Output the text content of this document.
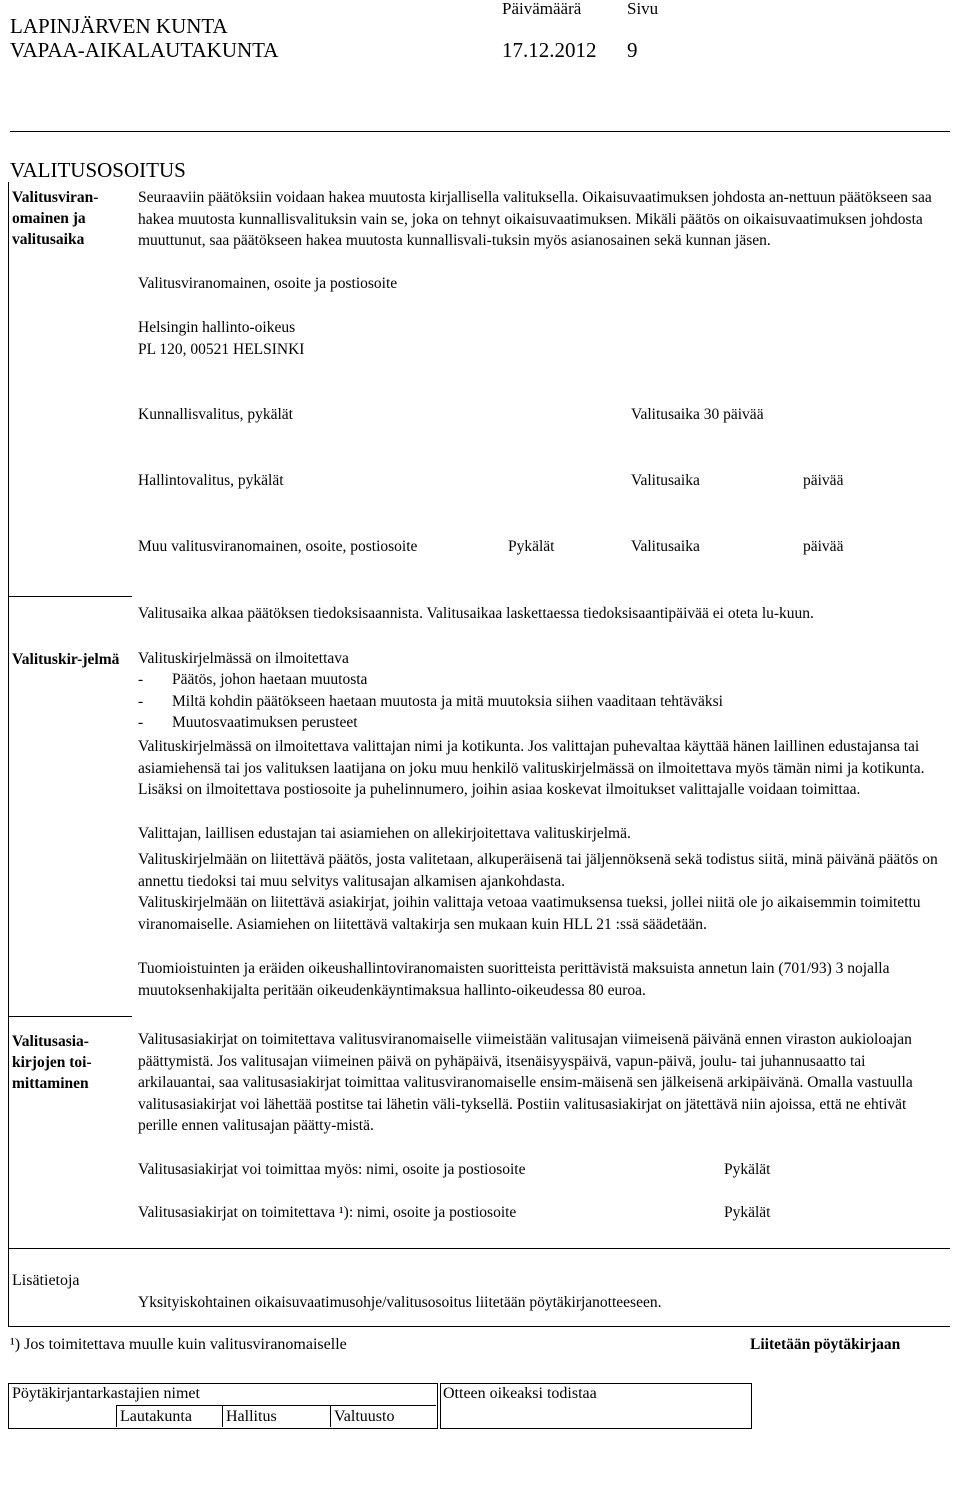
LAPINJÄRVEN KUNTA
VAPAA-AIKALAUTAKUNTA
Päivämäärä	Sivu
17.12.2012 9
VALITUSOSOITUS
Valitusviran-omainen ja valitusaika
Seuraaviin päätöksiin voidaan hakea muutosta kirjallisella valituksella. Oikaisuvaatimuksen johdosta an-nettuun päätökseen saa hakea muutosta kunnallisvalituksin vain se, joka on tehnyt oikaisuvaatimuksen. Mikäli päätös on oikaisuvaatimuksen johdosta muuttunut, saa päätökseen hakea muutosta kunnallisvali-tuksin myös asianosainen sekä kunnan jäsen.
Valitusviranomainen, osoite ja postiosoite
Helsingin hallinto-oikeus
PL 120, 00521 HELSINKI
Kunnallisvalitus, pykälät	Valitusaika 30 päivää
Hallintovalitus, pykälät	Valitusaika	päivää
Muu valitusviranomainen, osoite, postiosoite	Pykälät	Valitusaika	päivää
Valitusaika alkaa päätöksen tiedoksisaannista. Valitusaikaa laskettaessa tiedoksisaantipäivää ei oteta lu-kuun.
Valituskir-jelmä	Valituskirjelmässä on ilmoitettava
- Päätös, johon haetaan muutosta
- Miltä kohdin päätökseen haetaan muutosta ja mitä muutoksia siihen vaaditaan tehtäväksi
- Muutosvaatimuksen perusteet
Valituskirjelmässä on ilmoitettava valittajan nimi ja kotikunta. Jos valittajan puhevaltaa käyttää hänen laillinen edustajansa tai asiamiehensä tai jos valituksen laatijana on joku muu henkilö valituskirjelmässä on ilmoitettava myös tämän nimi ja kotikunta. Lisäksi on ilmoitettava postiosoite ja puhelinnumero, joihin asiaa koskevat ilmoitukset valittajalle voidaan toimittaa.
Valittajan, laillisen edustajan tai asiamiehen on allekirjoitettava valituskirjelmä.
Valituskirjelmään on liitettävä päätös, josta valitetaan, alkuperäisenä tai jäljennöksenä sekä todistus siitä, minä päivänä päätös on annettu tiedoksi tai muu selvitys valitusajan alkamisen ajankohdasta.
Valituskirjelmään on liitettävä asiakirjat, joihin valittaja vetoaa vaatimuksensa tueksi, jollei niitä ole jo aikaisemmin toimitettu viranomaiselle. Asiamiehen on liitettävä valtakirja sen mukaan kuin HLL 21 :ssä säädetään.
Tuomioistuinten ja eräiden oikeushallintoviranomaisten suoritteista perittävistä maksuista annetun lain (701/93) 3 nojalla muutoksenhakijalta peritään oikeudenkäyntimaksua hallinto-oikeudessa 80 euroa.
Valitusasia-kirjojen toi-mittaminen
Valitusasiakirjat on toimitettava valitusviranomaiselle viimeistään valitusajan viimeisenä päivänä ennen viraston aukioloajan päättymistä. Jos valitusajan viimeinen päivä on pyhäpäivä, itsenäisyyspäivä, vapun-päivä, joulu- tai juhannusaatto tai arkilauantai, saa valitusasiakirjat toimittaa valitusviranomaiselle ensim-mäisenä sen jälkeisenä arkipäivänä. Omalla vastuulla valitusasiakirjat voi lähettää postitse tai lähetin väli-tyksellä. Postiin valitusasiakirjat on jätettävä niin ajoissa, että ne ehtivät perille ennen valitusajan päätty-mistä.
Valitusasiakirjat voi toimittaa myös: nimi, osoite ja postiosoite	Pykälät
Valitusasiakirjat on toimitettava ¹): nimi, osoite ja postiosoite	Pykälät
Lisätietoja
Yksityiskohtainen oikaisuvaatimusohje/valitusosoitus liitetään pöytäkirjanotteeseen.
¹) Jos toimitettava muulle kuin valitusviranomaiselle	Liitetään pöytäkirjaan
Pöytäkirjantarkastajien nimet
Lautakunta Hallitus	Valtuusto
Otteen oikeaksi todistaa
